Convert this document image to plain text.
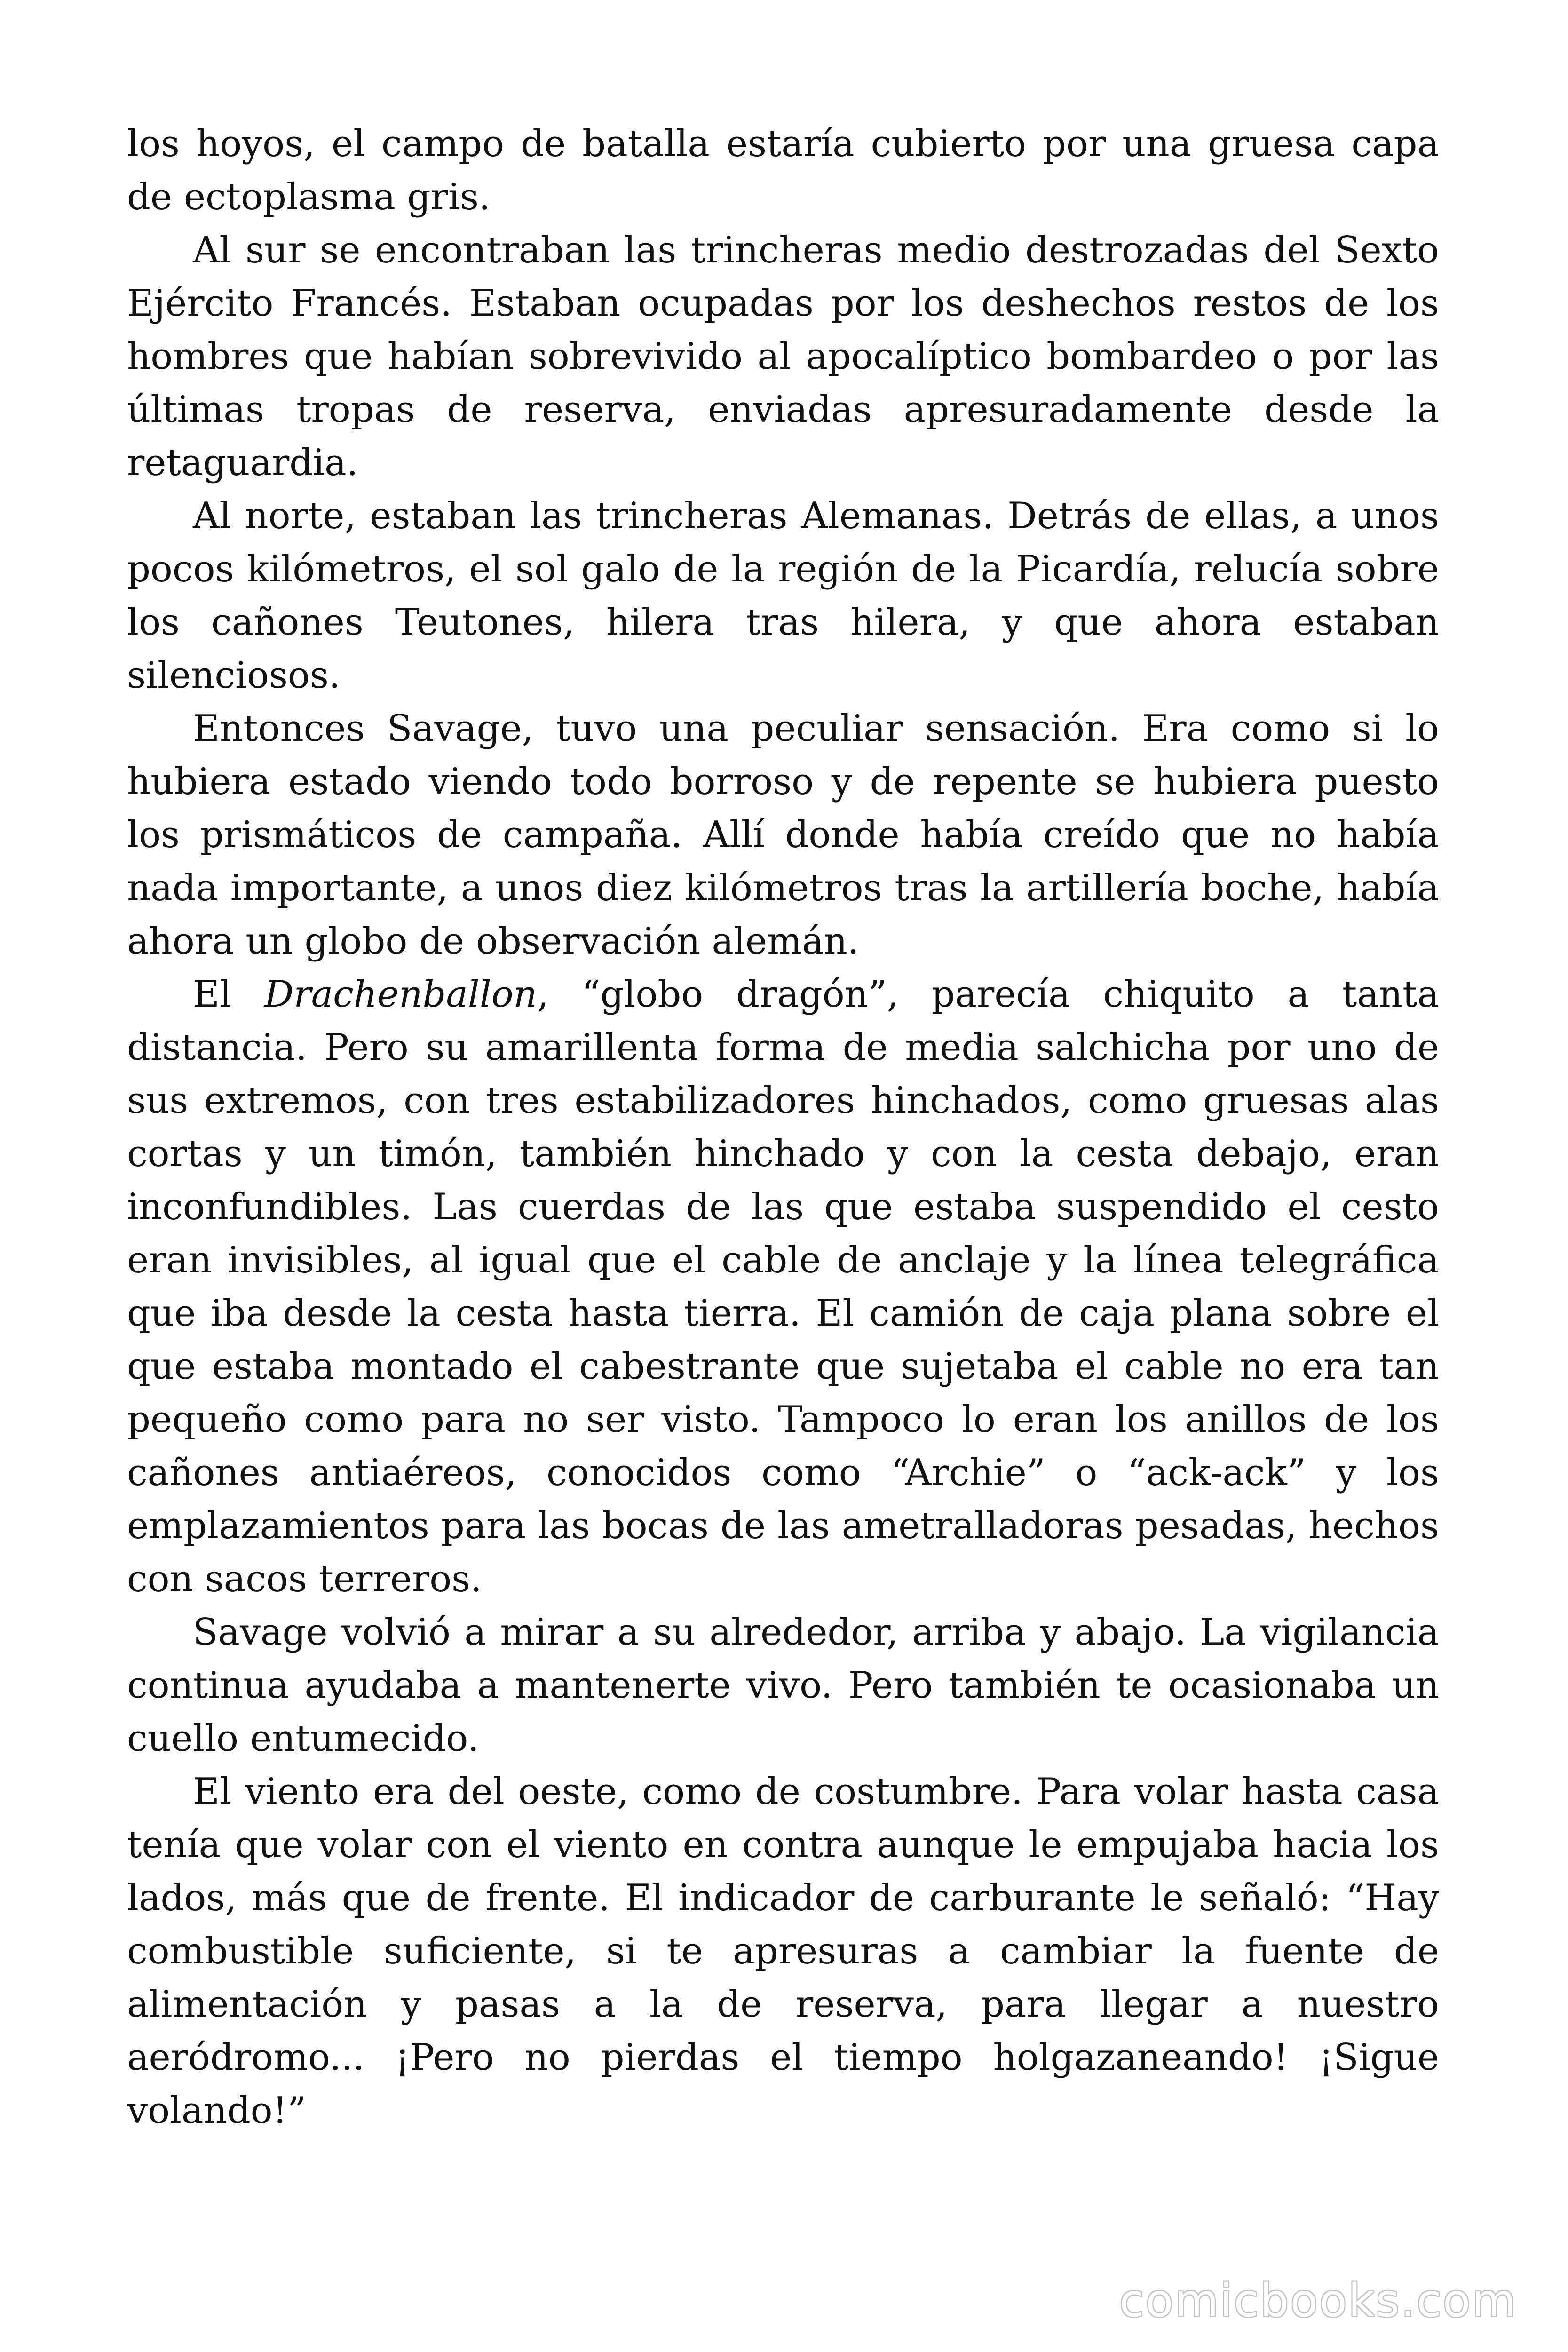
los hoyos, el campo de batalla estaría cubierto por una gruesa capa de ectoplasma gris.

Al sur se encontraban las trincheras medio destrozadas del Sexto Ejército Francés. Estaban ocupadas por los deshechos restos de los hombres que habían sobrevivido al apocalíptico bombardeo o por las últimas tropas de reserva, enviadas apresuradamente desde la retaguardia.

Al norte, estaban las trincheras Alemanas. Detrás de ellas, a unos pocos kilómetros, el sol galo de la región de la Picardía, relucía sobre los cañones Teutones, hilera tras hilera, y que ahora estaban silenciosos.

Entonces Savage, tuvo una peculiar sensación. Era como si lo hubiera estado viendo todo borroso y de repente se hubiera puesto los prismáticos de campaña. Allí donde había creído que no había nada importante, a unos diez kilómetros tras la artillería boche, había ahora un globo de observación alemán.

El Drachenballon, “globo dragón”, parecía chiquito a tanta distancia. Pero su amarillenta forma de media salchicha por uno de sus extremos, con tres estabilizadores hinchados, como gruesas alas cortas y un timón, también hinchado y con la cesta debajo, eran inconfundibles. Las cuerdas de las que estaba suspendido el cesto eran invisibles, al igual que el cable de anclaje y la línea telegráfica que iba desde la cesta hasta tierra. El camión de caja plana sobre el que estaba montado el cabestrante que sujetaba el cable no era tan pequeño como para no ser visto. Tampoco lo eran los anillos de los cañones antiaéreos, conocidos como “Archie” o “ack-ack” y los emplazamientos para las bocas de las ametralladoras pesadas, hechos con sacos terreros.

Savage volvió a mirar a su alrededor, arriba y abajo. La vigilancia continua ayudaba a mantenerte vivo. Pero también te ocasionaba un cuello entumecido.

El viento era del oeste, como de costumbre. Para volar hasta casa tenía que volar con el viento en contra aunque le empujaba hacia los lados, más que de frente. El indicador de carburante le señaló: “Hay combustible suficiente, si te apresuras a cambiar la fuente de alimentación y pasas a la de reserva, para llegar a nuestro aeródromo... ¡Pero no pierdas el tiempo holgazaneando! ¡Sigue volando!”

comicbooks.com
